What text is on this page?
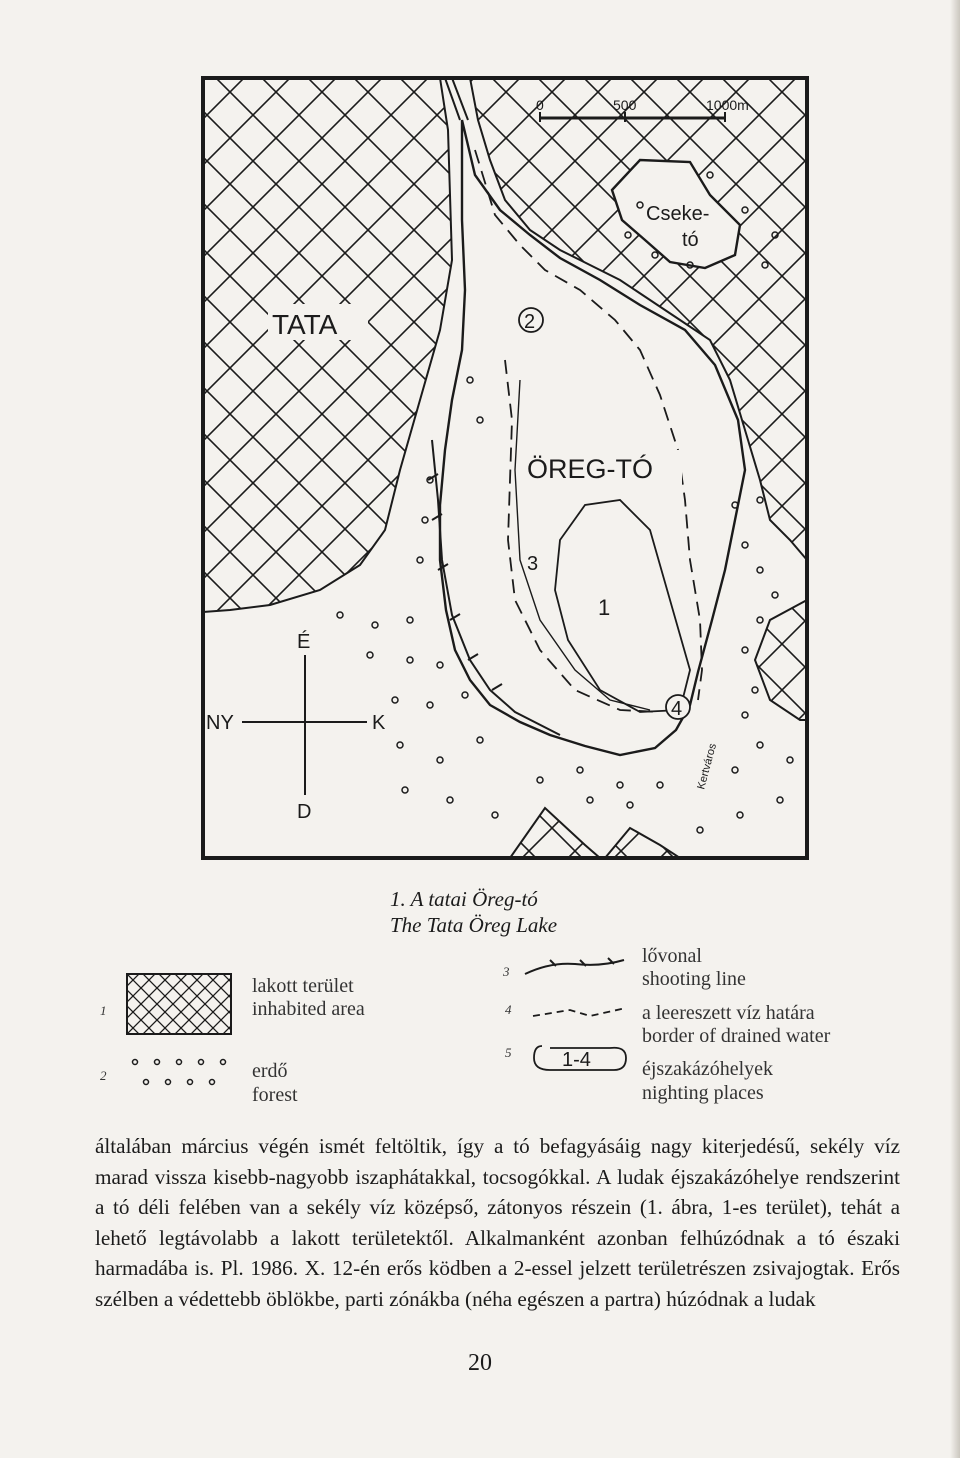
0	500	1000m
É
D
NY	K
TATA
ÖREG-TÓ
Cseke-
tó
1
2
3
4
Kertváros
1. A tatai Öreg-tó
The Tata Öreg Lake
1
lakott terület
inhabited area
2	erdő
forest
3
lővonal
shooting line
4	a leereszett víz határa
border of drained water
5	1-4	éjszakázóhelyek
nighting places
általában március végén ismét feltöltik, így a tó befagyásáig nagy kiterjedésű, sekély víz marad vissza kisebb-nagyobb iszaphátakkal, tocsogókkal. A ludak éjszakázóhelye rendszerint a tó déli felében van a sekély víz középső, zátonyos részein (1. ábra, 1-es terület), tehát a lehető legtávolabb a lakott területektől. Alkalmanként azonban felhúzódnak a tó északi harmadába is. Pl. 1986. X. 12-én erős ködben a 2-essel jelzett területrészen zsivajogtak. Erős szélben a védettebb öblökbe, parti zónákba (néha egészen a partra) húzódnak a ludak
20
